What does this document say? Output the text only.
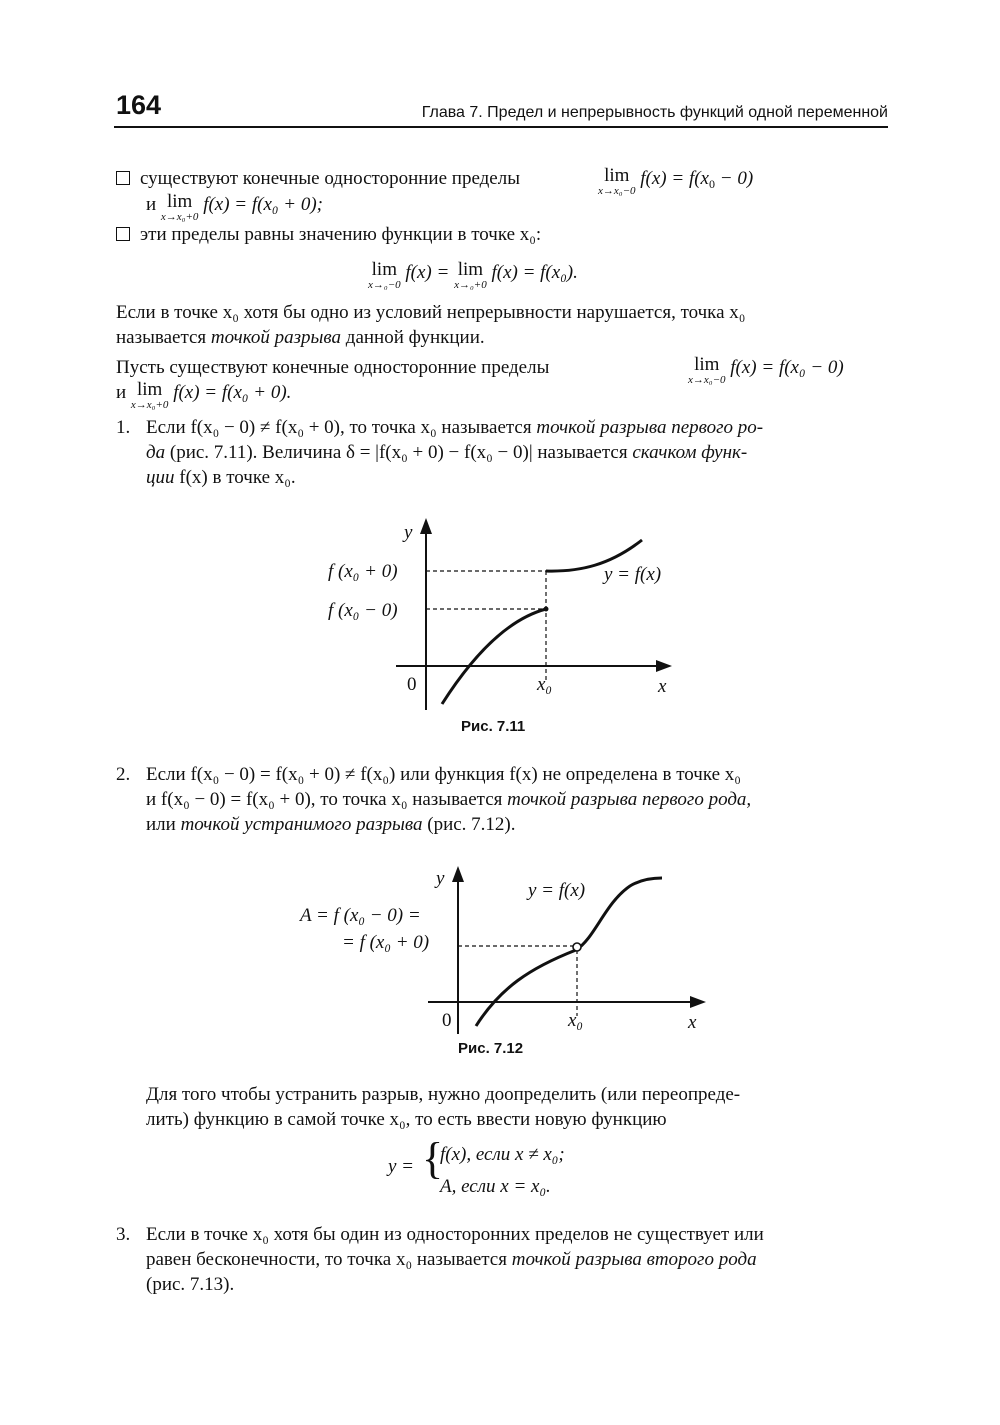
164	Глава 7. Предел и непрерывность функций одной переменной
существуют конечные односторонние пределы	lim
x→x₀−0
$f(x) = f(x_0 - 0)$
и lim
x→x₀+0
f(x) = f(x₀ + 0);
эти пределы равны значению функции в точке x₀:
lim
x→₀−0
f(x) = lim
x→₀+0
f(x) = f(x₀).
Если в точке x₀ хотя бы одно из условий непрерывности нарушается, точка x₀
называется точкой разрыва данной функции.
Пусть существуют конечные односторонние пределы	lim
x→x₀−0
f(x) = f(x₀ − 0)
и lim
x→x₀+0
f(x) = f(x₀ + 0).
1. Если f(x₀ − 0) ≠ f(x₀ + 0), то точка x₀ называется точкой разрыва первого ро-
да (рис. 7.11). Величина δ = |f(x₀ + 0) − f(x₀ − 0)| называется скачком функ-
ции f(x) в точке x₀.
y
x
x₀
f (x₀ + 0)
f (x₀ − 0)
y = f(x)
0
Рис. 7.11
2. Если f(x₀ − 0) = f(x₀ + 0) ≠ f(x₀) или функция f(x) не определена в точке x₀
и f(x₀ − 0) = f(x₀ + 0), то точка x₀ называется точкой разрыва первого рода,
или точкой устранимого разрыва (рис. 7.12).
y
x
x₀
A = f (x₀ − 0) =
= f (x₀ + 0)
y = f(x)
0
Рис. 7.12
Для того чтобы устранить разрыв, нужно доопределить (или переопреде-
лить) функцию в самой точке x₀, то есть ввести новую функцию
y = {
f(x), если x ≠ x₀;
A, если x = x₀.
3. Если в точке x₀ хотя бы один из односторонних пределов не существует или
равен бесконечности, то точка x₀ называется точкой разрыва второго рода
(рис. 7.13).
